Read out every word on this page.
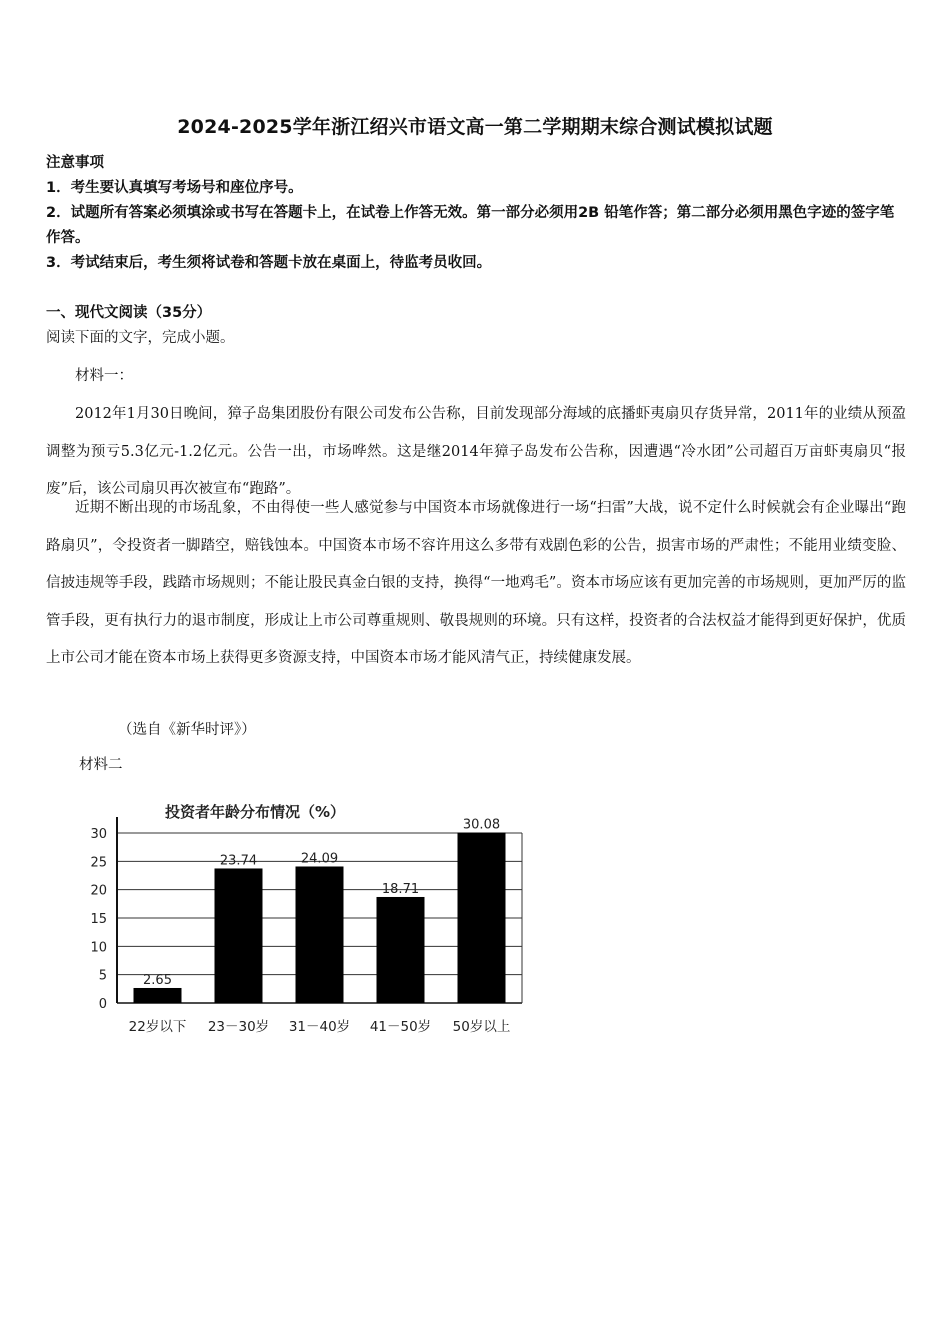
2024-2025学年浙江绍兴市语文高一第二学期期末综合测试模拟试题

注意事项

1．考生要认真填写考场号和座位序号。

2．试题所有答案必须填涂或书写在答题卡上，在试卷上作答无效。第一部分必须用2B 铅笔作答；第二部分必须用黑色字迹的签字笔作答。

3．考试结束后，考生须将试卷和答题卡放在桌面上，待监考员收回。

一、现代文阅读（35分）
阅读下面的文字，完成小题。

材料一：

2012年1月30日晚间，獐子岛集团股份有限公司发布公告称，目前发现部分海域的底播虾夷扇贝存货异常，2011年的业绩从预盈调整为预亏5.3亿元-1.2亿元。公告一出，市场哗然。这是继2014年獐子岛发布公告称，因遭遇“冷水团”公司超百万亩虾夷扇贝“报废”后，该公司扇贝再次被宣布“跑路”。

近期不断出现的市场乱象，不由得使一些人感觉参与中国资本市场就像进行一场“扫雷”大战，说不定什么时候就会有企业曝出“跑路扇贝”，令投资者一脚踏空，赔钱蚀本。中国资本市场不容许用这么多带有戏剧色彩的公告，损害市场的严肃性；不能用业绩变脸、信披违规等手段，践踏市场规则；不能让股民真金白银的支持，换得“一地鸡毛”。资本市场应该有更加完善的市场规则，更加严厉的监管手段，更有执行力的退市制度，形成让上市公司尊重规则、敬畏规则的环境。只有这样，投资者的合法权益才能得到更好保护，优质上市公司才能在资本市场上获得更多资源支持，中国资本市场才能风清气正，持续健康发展。

（选自《新华时评》）
材料二
投资者年龄分布情况（%）
0
5
10
15
20
25
30
2.65
22岁以下
23.74
23－30岁
24.09
31－40岁
18.71
41－50岁
30.08
50岁以上
